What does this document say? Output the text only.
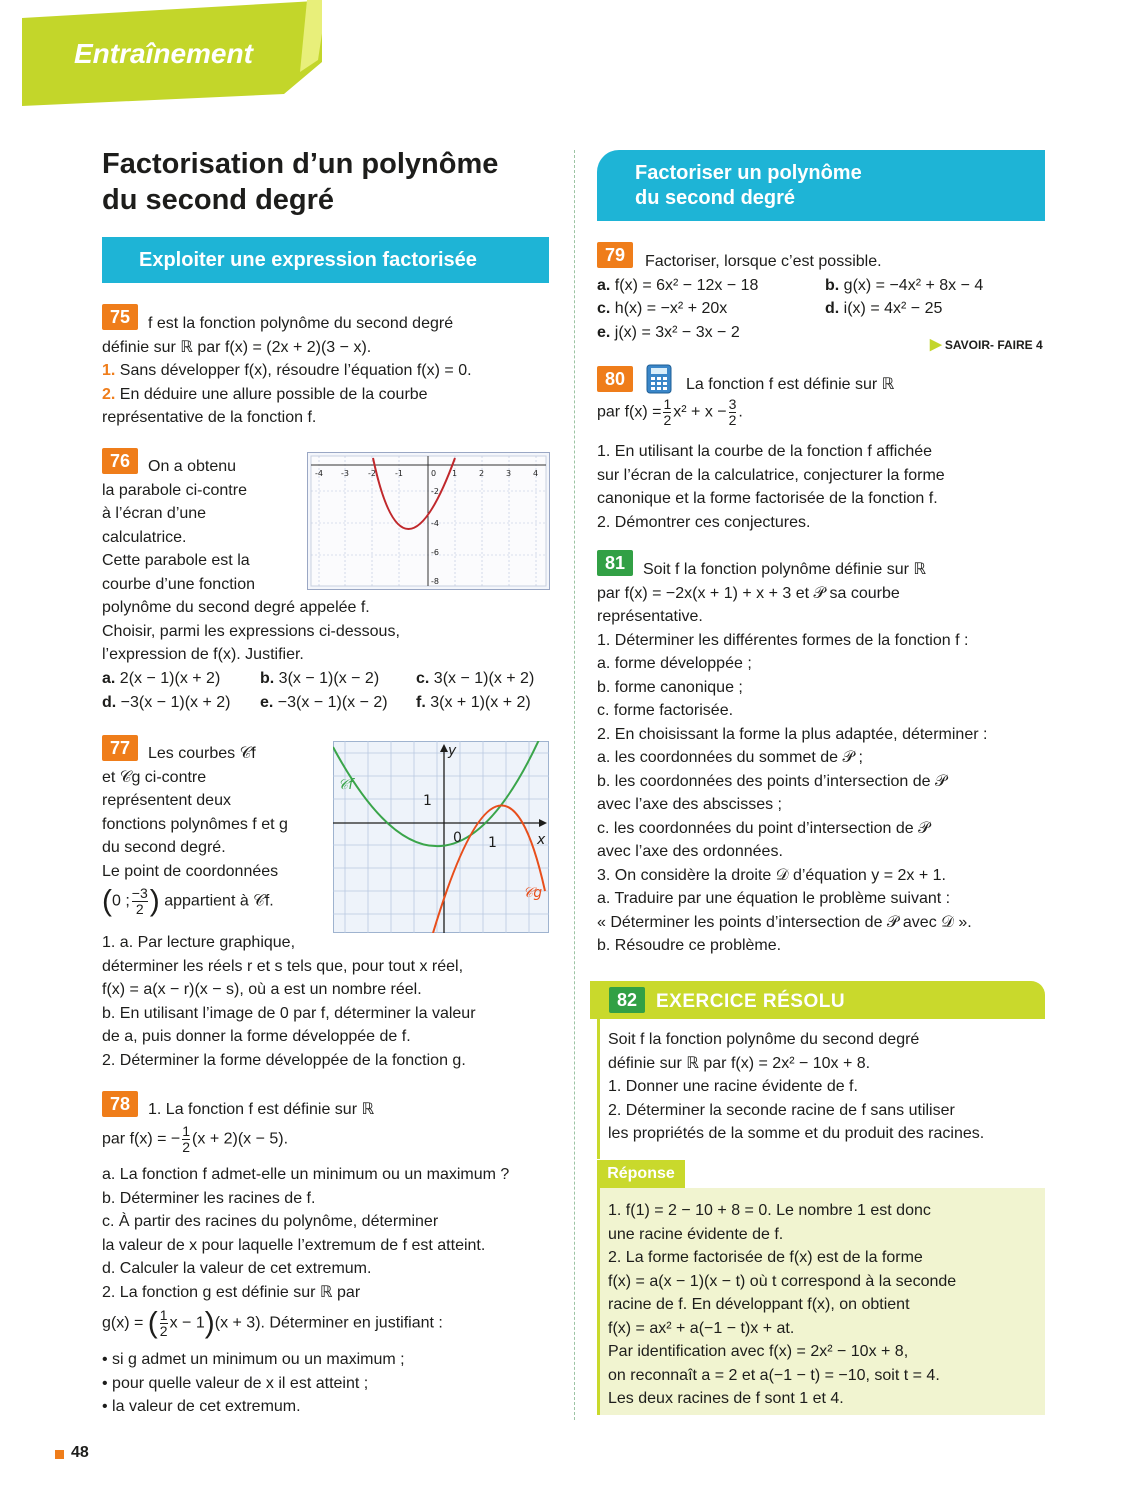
Entraînement
Factorisation d’un polynôme
du second degré
Exploiter une expression factorisée
Factoriser un polynôme
du second degré
75	f est la fonction polynôme du second degré
définie sur ℝ par f(x) = (2x + 2)(3 − x).
1. Sans développer f(x), résoudre l’équation f(x) = 0.
2. En déduire une allure possible de la courbe
représentative de la fonction f.
76	On a obtenu
la parabole ci-contre
à l’écran d’une
calculatrice.
Cette parabole est la
courbe d’une fonction
-4 -3 -2 -1	0 1	2	3	4
-2
-4
-6
-8
polynôme du second degré appelée f.
Choisir, parmi les expressions ci-dessous,
l’expression de f(x). Justifier.
a. 2(x − 1)(x + 2) b. 3(x − 1)(x − 2) c. 3(x − 1)(x + 2)
d. −3(x − 1)(x + 2) e. −3(x − 1)(x − 2) f. 3(x + 1)(x + 2)
77	Les courbes 𝒞f
et 𝒞g ci-contre
représentent deux
fonctions polynômes f et g
du second degré.
Le point de coordonnées
(0 ; $\frac{-3}{2}$ ) appartient à 𝒞f.
y
x
1
1
0
𝒞f
𝒞g
1. a. Par lecture graphique,
déterminer les réels r et s tels que, pour tout x réel,
f(x) = a(x − r)(x − s), où a est un nombre réel.
b. En utilisant l’image de 0 par f, déterminer la valeur
de a, puis donner la forme développée de f.
2. Déterminer la forme développée de la fonction g.
78	1. La fonction f est définie sur ℝ
par f(x) = − $\frac{1}{2} (x + 2)(x - 5)$.
a. La fonction f admet-elle un minimum ou un maximum ?
b. Déterminer les racines de f.
c. À partir des racines du polynôme, déterminer
la valeur de x pour laquelle l’extremum de f est atteint.
d. Calculer la valeur de cet extremum.
2. La fonction g est définie sur ℝ par
g(x) = ( $\frac{1}{2}$ x − 1)(x + 3). Déterminer en justifiant :
• si g admet un minimum ou un maximum ;
• pour quelle valeur de x il est atteint ;
• la valeur de cet extremum.
79	Factoriser, lorsque c’est possible.
a. f(x) = 6x² − 12x − 18	b. g(x) = −4x² + 8x − 4
c. h(x) = −x² + 20x	d. i(x) = 4x² − 25
e. j(x) = 3x² − 3x − 2
▶ SAVOIR- FAIRE 4
80	La fonction f est définie sur ℝ
par $f(x) = \frac{1}{2} x^2 + x - \frac{3}{2}$ .
1. En utilisant la courbe de la fonction f affichée
sur l’écran de la calculatrice, conjecturer la forme
canonique et la forme factorisée de la fonction f.
2. Démontrer ces conjectures.
81	Soit f la fonction polynôme définie sur ℝ
par f(x) = −2x(x + 1) + x + 3 et 𝒫 sa courbe
représentative.
1. Déterminer les différentes formes de la fonction f :
a. forme développée ;
b. forme canonique ;
c. forme factorisée.
2. En choisissant la forme la plus adaptée, déterminer :
a. les coordonnées du sommet de 𝒫 ;
b. les coordonnées des points d’intersection de 𝒫
avec l’axe des abscisses ;
c. les coordonnées du point d’intersection de 𝒫
avec l’axe des ordonnées.
3. On considère la droite 𝒟 d’équation y = 2x + 1.
a. Traduire par une équation le problème suivant :
« Déterminer les points d’intersection de 𝒫 avec 𝒟 ».
b. Résoudre ce problème.
82 EXERCICE RÉSOLU
Soit f la fonction polynôme du second degré
définie sur ℝ par f(x) = 2x² − 10x + 8.
1. Donner une racine évidente de f.
2. Déterminer la seconde racine de f sans utiliser
les propriétés de la somme et du produit des racines.
Réponse
1. f(1) = 2 − 10 + 8 = 0. Le nombre 1 est donc
une racine évidente de f.
2. La forme factorisée de f(x) est de la forme
f(x) = a(x − 1)(x − t) où t correspond à la seconde
racine de f. En développant f(x), on obtient
f(x) = ax² + a(−1 − t)x + at.
Par identification avec f(x) = 2x² − 10x + 8,
on reconnaît a = 2 et a(−1 − t) = −10, soit t = 4.
Les deux racines de f sont 1 et 4.
48
